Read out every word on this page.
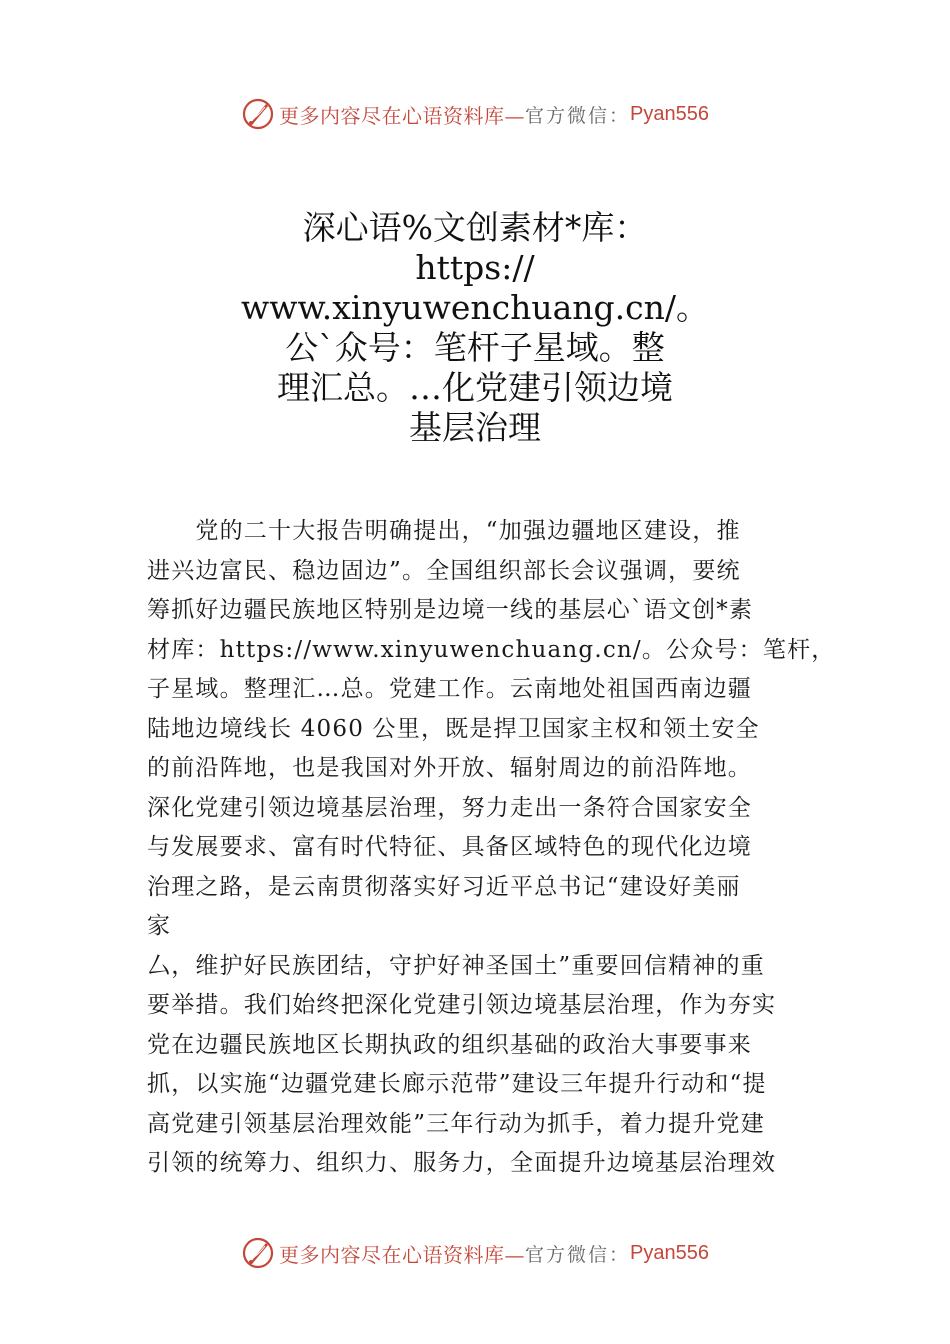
更多内容尽在心语资料库— 官方微信： Pyan556
深心语%文创素材*库：
https://
www.xinyuwenchuang.cn/。
公`众号：笔杆子星域。整
理汇总。…化党建引领边境
基层治理
　　党的二十大报告明确提出，“加强边疆地区建设，推
进兴边富民、稳边固边”。全国组织部长会议强调，要统
筹抓好边疆民族地区特别是边境一线的基层心`语文创*素
材库：https://www.xinyuwenchuang.cn/。公众号：笔杆，
子星域。整理汇…总。党建工作。云南地处祖国西南边疆
陆地边境线长 4060 公里，既是捍卫国家主权和领土安全
的前沿阵地，也是我国对外开放、辐射周边的前沿阵地。
深化党建引领边境基层治理，努力走出一条符合国家安全
与发展要求、富有时代特征、具备区域特色的现代化边境
治理之路，是云南贯彻落实好习近平总书记“建设好美丽
家
⼛，维护好民族团结，守护好神圣国土”重要回信精神的重
要举措。我们始终把深化党建引领边境基层治理，作为夯实
党在边疆民族地区长期执政的组织基础的政治大事要事来
抓，以实施“边疆党建长廊示范带”建设三年提升行动和“提
高党建引领基层治理效能”三年行动为抓手，着力提升党建
引领的统筹力、组织力、服务力，全面提升边境基层治理效
更多内容尽在心语资料库— 官方微信： Pyan556
